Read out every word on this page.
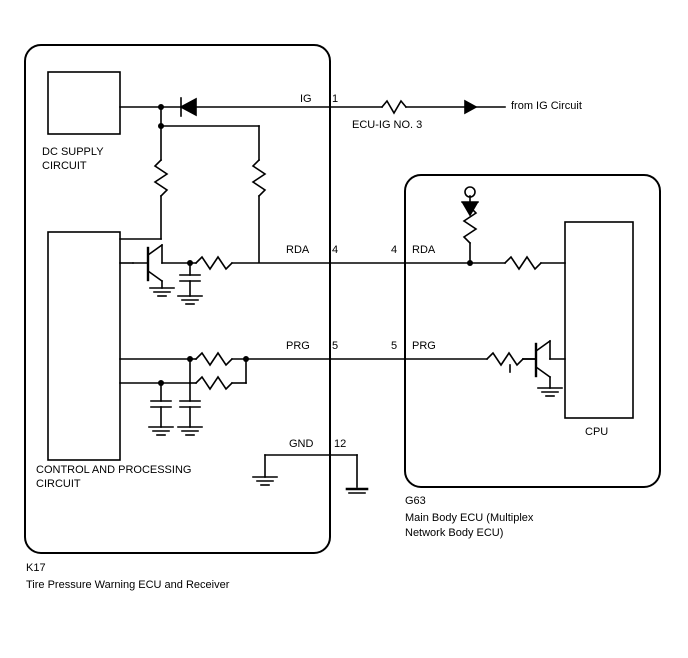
IG 1
ECU-IG NO. 3
from IG Circuit
DC SUPPLY
CIRCUIT
RDA 4	4 RDA
PRG 5	5 PRG
GND 12
CONTROL AND PROCESSING
CIRCUIT
CPU
G63
Main Body ECU (Multiplex
Network Body ECU)
K17
Tire Pressure Warning ECU and Receiver
